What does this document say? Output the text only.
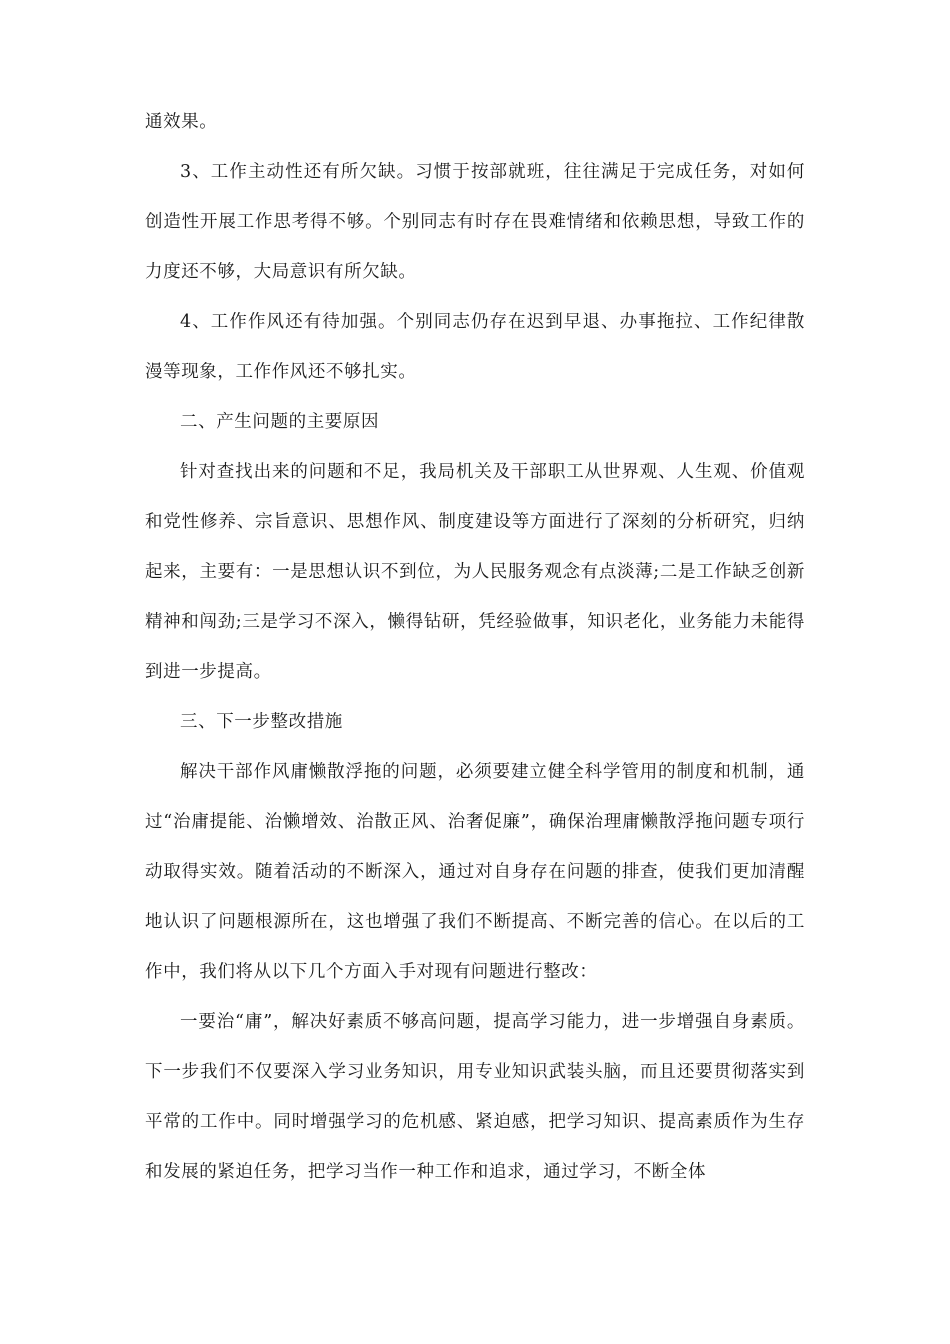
通效果。

3、工作主动性还有所欠缺。习惯于按部就班，往往满足于完成任务，对如何创造性开展工作思考得不够。个别同志有时存在畏难情绪和依赖思想，导致工作的力度还不够，大局意识有所欠缺。

4、工作作风还有待加强。个别同志仍存在迟到早退、办事拖拉、工作纪律散漫等现象，工作作风还不够扎实。

二、产生问题的主要原因

针对查找出来的问题和不足，我局机关及干部职工从世界观、人生观、价值观和党性修养、宗旨意识、思想作风、制度建设等方面进行了深刻的分析研究，归纳起来，主要有：一是思想认识不到位，为人民服务观念有点淡薄;二是工作缺乏创新精神和闯劲;三是学习不深入，懒得钻研，凭经验做事，知识老化，业务能力未能得到进一步提高。

三、下一步整改措施

解决干部作风庸懒散浮拖的问题，必须要建立健全科学管用的制度和机制，通过“治庸提能、治懒增效、治散正风、治奢促廉”，确保治理庸懒散浮拖问题专项行动取得实效。随着活动的不断深入，通过对自身存在问题的排查，使我们更加清醒地认识了问题根源所在，这也增强了我们不断提高、不断完善的信心。在以后的工作中，我们将从以下几个方面入手对现有问题进行整改：

一要治“庸”，解决好素质不够高问题，提高学习能力，进一步增强自身素质。下一步我们不仅要深入学习业务知识，用专业知识武装头脑，而且还要贯彻落实到平常的工作中。同时增强学习的危机感、紧迫感，把学习知识、提高素质作为生存和发展的紧迫任务，把学习当作一种工作和追求，通过学习，不断全体
